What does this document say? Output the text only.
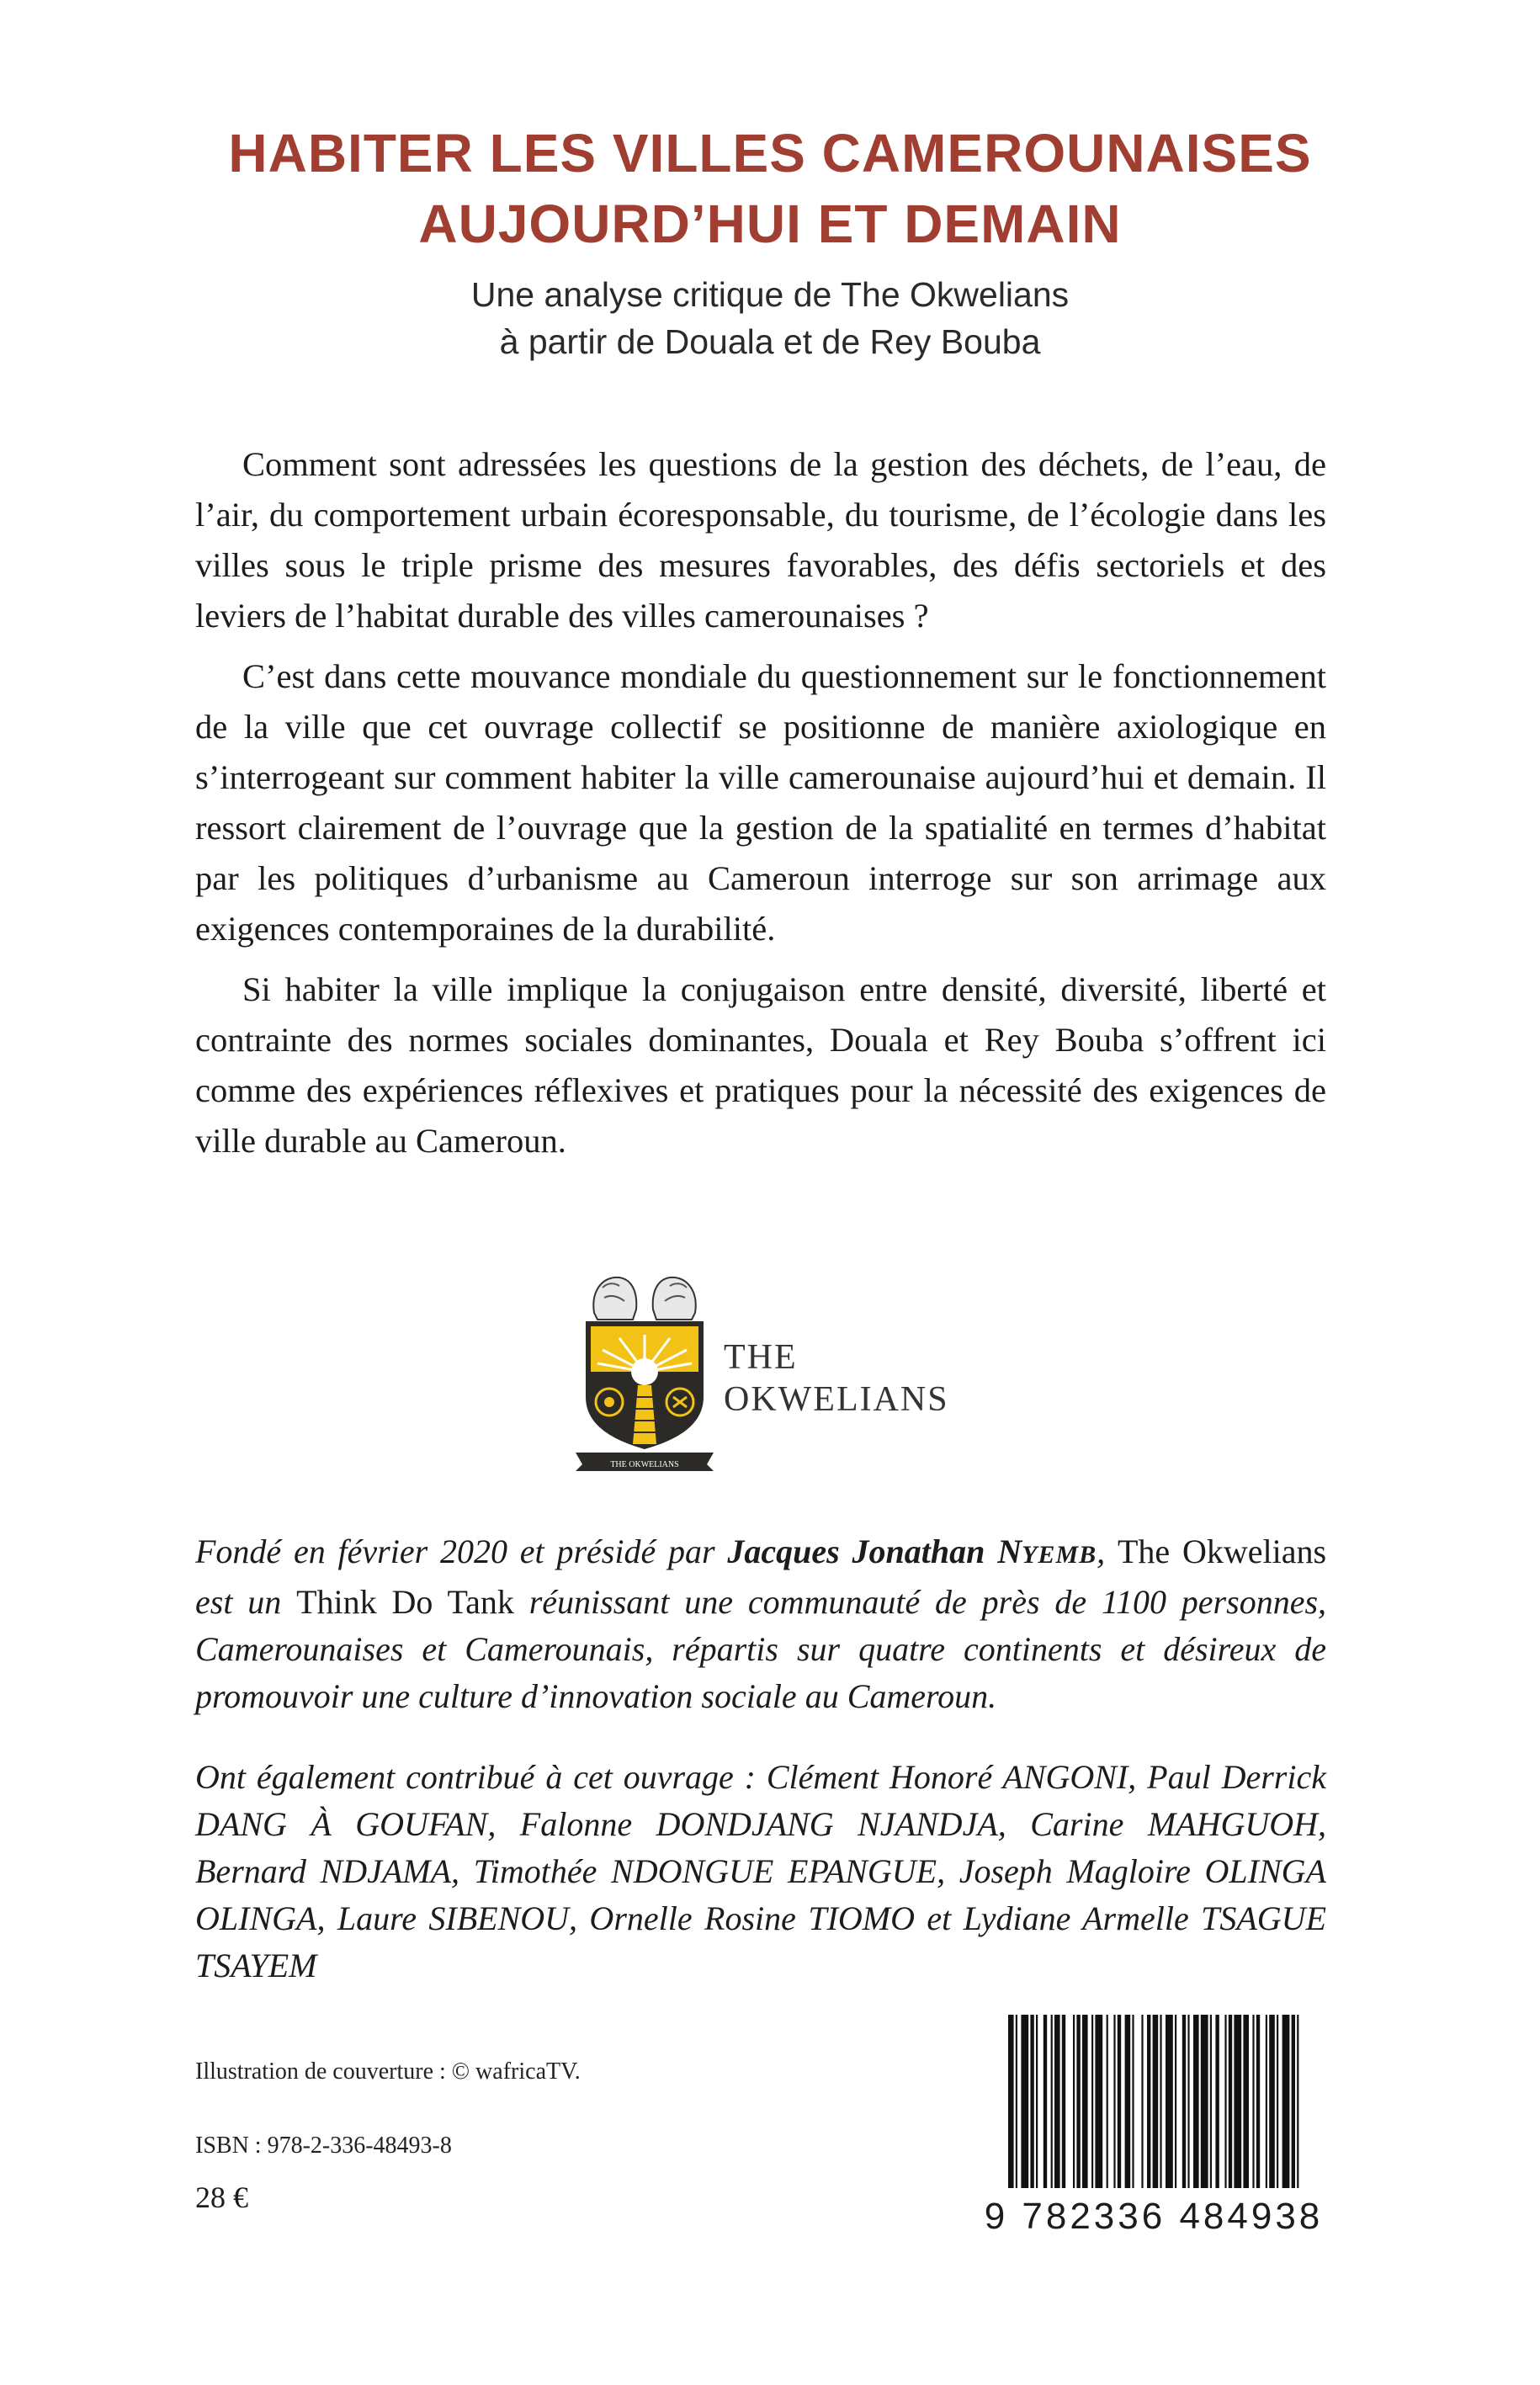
HABITER LES VILLES CAMEROUNAISES
AUJOURD’HUI ET DEMAIN
Une analyse critique de The Okwelians
à partir de Douala et de Rey Bouba

Comment sont adressées les questions de la gestion des déchets, de l’eau, de l’air, du comportement urbain écoresponsable, du tourisme, de l’écologie dans les villes sous le triple prisme des mesures favorables, des défis sectoriels et des leviers de l’habitat durable des villes camerounaises ?

C’est dans cette mouvance mondiale du questionnement sur le fonctionnement de la ville que cet ouvrage collectif se positionne de manière axiologique en s’interrogeant sur comment habiter la ville camerounaise aujourd’hui et demain. Il ressort clairement de l’ouvrage que la gestion de la spatialité en termes d’habitat par les politiques d’urbanisme au Cameroun interroge sur son arrimage aux exigences contemporaines de la durabilité.

Si habiter la ville implique la conjugaison entre densité, diversité, liberté et contrainte des normes sociales dominantes, Douala et Rey Bouba s’offrent ici comme des expériences réflexives et pratiques pour la nécessité des exigences de ville durable au Cameroun.

THE OKWELIANS
THE
OKWELIANS
Fondé en février 2020 et présidé par Jacques Jonathan NYEMB, The Okwelians est un Think Do Tank réunissant une communauté de près de 1100 personnes, Camerounaises et Camerounais, répartis sur quatre continents et désireux de promouvoir une culture d’innovation sociale au Cameroun.
Ont également contribué à cet ouvrage : Clément Honoré ANGONI, Paul Derrick DANG À GOUFAN, Falonne DONDJANG NJANDJA, Carine MAHGUOH, Bernard NDJAMA, Timothée NDONGUE EPANGUE, Joseph Magloire OLINGA OLINGA, Laure SIBENOU, Ornelle Rosine TIOMO et Lydiane Armelle TSAGUE TSAYEM
Illustration de couverture : © wafricaTV.
ISBN : 978-2-336-48493-8
28 €	9 782336 484938
